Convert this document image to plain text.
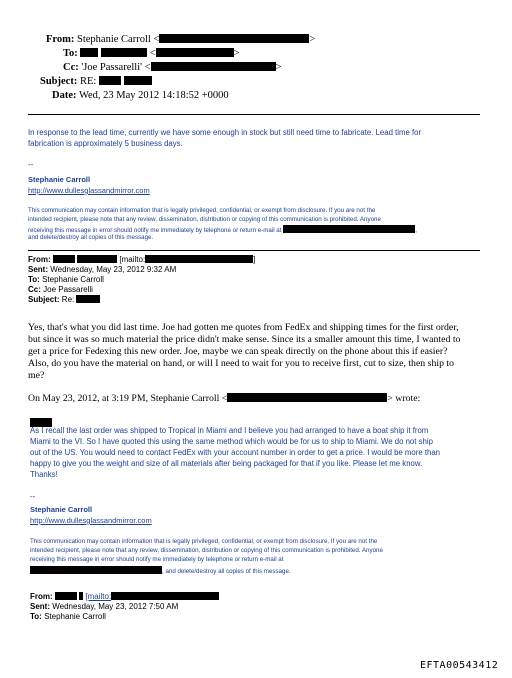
From: Stephanie Carroll <	>
To:	<	>
Cc: 'Joe Passarelli' <	>
Subject: RE:
Date: Wed, 23 May 2012 14:18:52 +0000
In response to the lead time, currently we have some enough in stock but still need time to fabricate. Lead time for
fabrication is approximately 5 business days.
--
Stephanie Carroll
http://www.dullesglassandmirror.com
This communication may contain information that is legally privileged, confidential, or exempt from disclosure. If you are not the
intended recipient, please note that any review, dissemination, distribution or copying of this communication is prohibited. Anyone
receiving this message in error should notify me immediately by telephone or return e-mail at	,
and delete/destroy all copies of this message.
From:	[mailto:	]
Sent: Wednesday, May 23, 2012 9:32 AM
To: Stephanie Carroll
Cc: Joe Passarelli
Subject: Re:
Yes, that's what you did last time. Joe had gotten me quotes from FedEx and shipping times for the first order,
but since it was so much material the price didn't make sense. Since its a smaller amount this time, I wanted to
get a price for Fedexing this new order. Joe, maybe we can speak directly on the phone about this if easier?
Also, do you have the material on hand, or will I need to wait for you to receive first, cut to size, then ship to
me?
On May 23, 2012, at 3:19 PM, Stephanie Carroll <	> wrote:
As I recall the last order was shipped to Tropical in Miami and I believe you had arranged to have a boat ship it from
Miami to the VI. So I have quoted this using the same method which would be for us to ship to Miami. We do not ship
out of the US. You would need to contact FedEx with your account number in order to get a price. I would be more than
happy to give you the weight and size of all materials after being packaged for that if you like. Please let me know.
Thanks!
--
Stephanie Carroll
http://www.dullesglassandmirror.com
This communication may contain information that is legally privileged, confidential, or exempt from disclosure. If you are not the
intended recipient, please note that any review, dissemination, distribution or copying of this communication is prohibited. Anyone
receiving this message in error should notify me immediately by telephone or return e-mail at
, and delete/destroy all copies of this message.
From:	[mailto:
Sent: Wednesday, May 23, 2012 7:50 AM
To: Stephanie Carroll
EFTA00543412
